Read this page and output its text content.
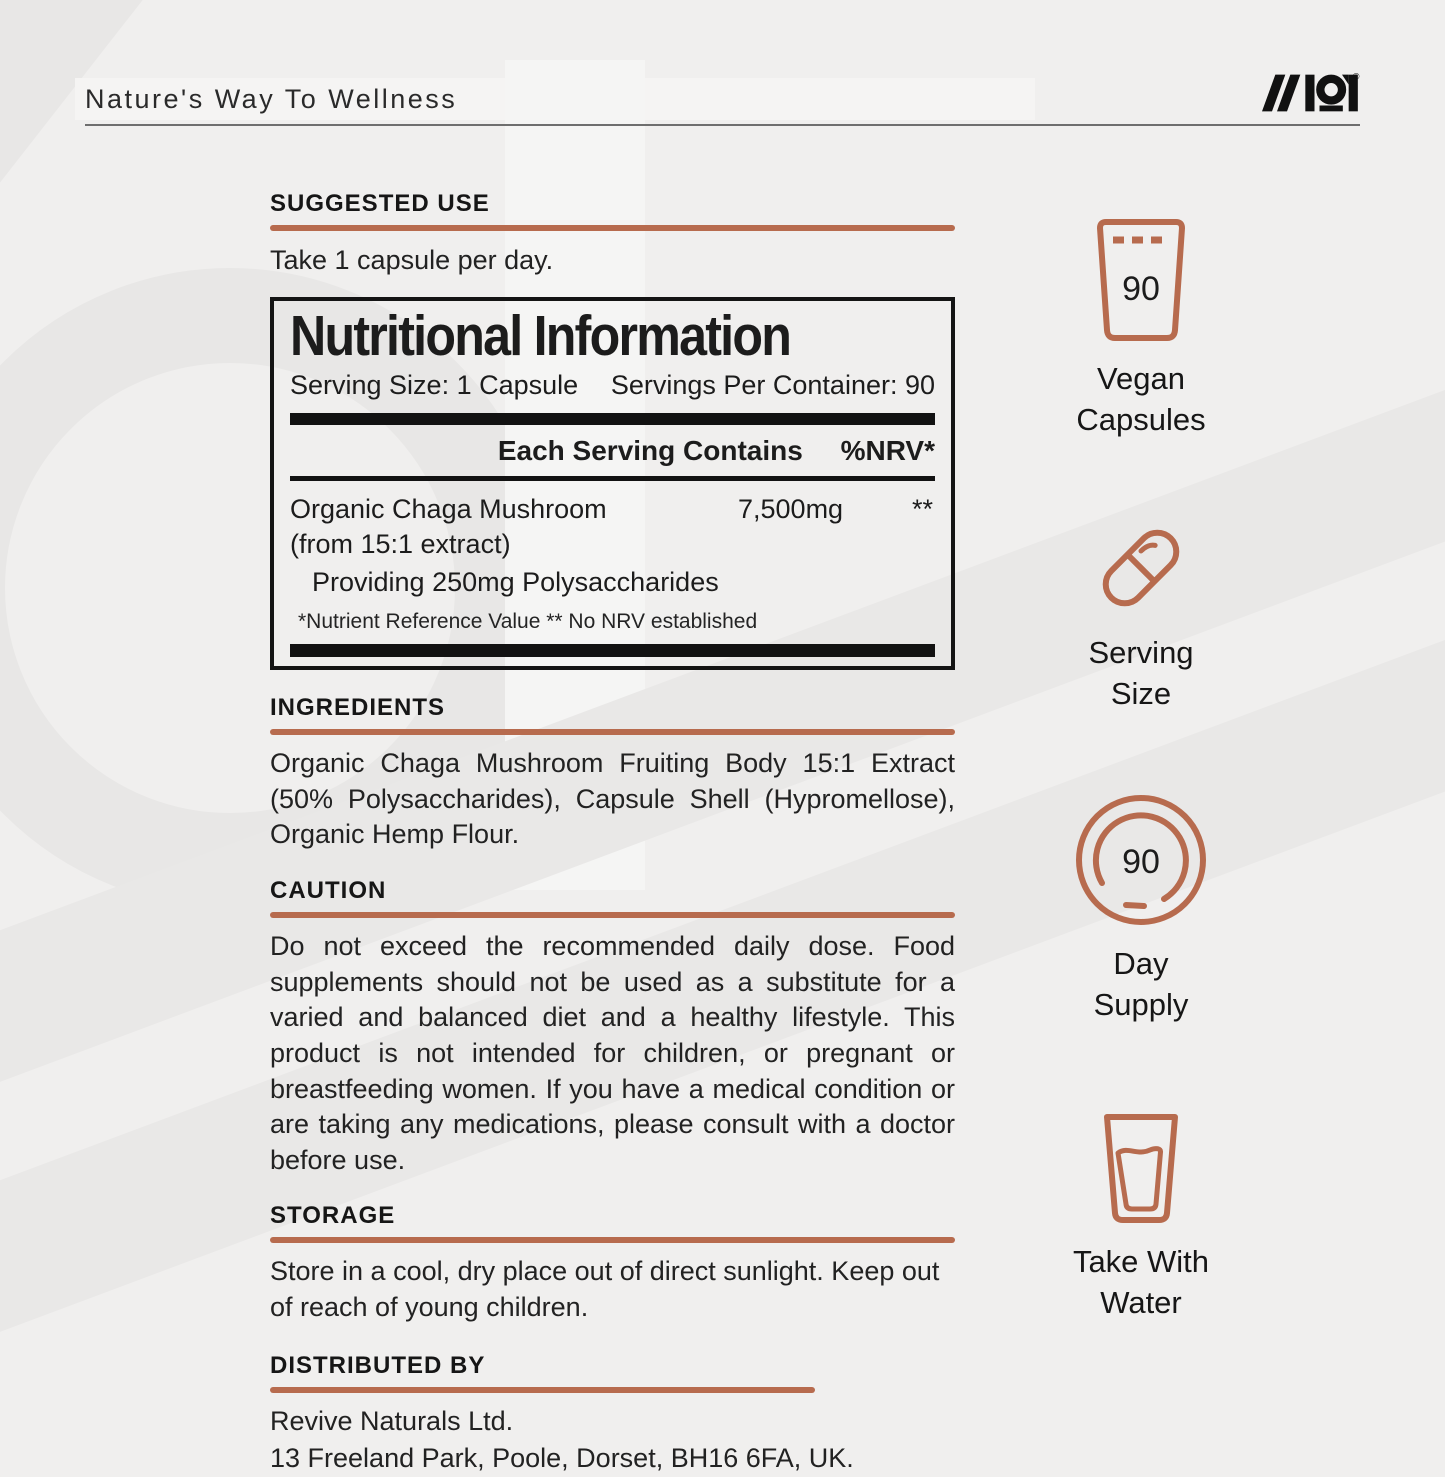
Nature's Way To Wellness
®
SUGGESTED USE

Take 1 capsule per day.

Nutritional Information
Serving Size: 1 Capsule Servings Per Container: 90
Each Serving Contains %NRV*
Organic Chaga Mushroom	7,500mg	**
(from 15:1 extract)
Providing 250mg Polysaccharides
*Nutrient Reference Value ** No NRV established
INGREDIENTS

Organic Chaga Mushroom Fruiting Body 15:1 Extract (50% Polysaccharides), Capsule Shell (Hypromellose), Organic Hemp Flour.

CAUTION

Do not exceed the recommended daily dose. Food supplements should not be used as a substitute for a varied and balanced diet and a healthy lifestyle. This product is not intended for children, or pregnant or breastfeeding women. If you have a medical condition or are taking any medications, please consult with a doctor before use.

STORAGE

Store in a cool, dry place out of direct sunlight. Keep out of reach of young children.

DISTRIBUTED BY

Revive Naturals Ltd.

13 Freeland Park, Poole, Dorset, BH16 6FA, UK.

90
Vegan
Capsules
Serving
Size
90
Day
Supply
Take With
Water
